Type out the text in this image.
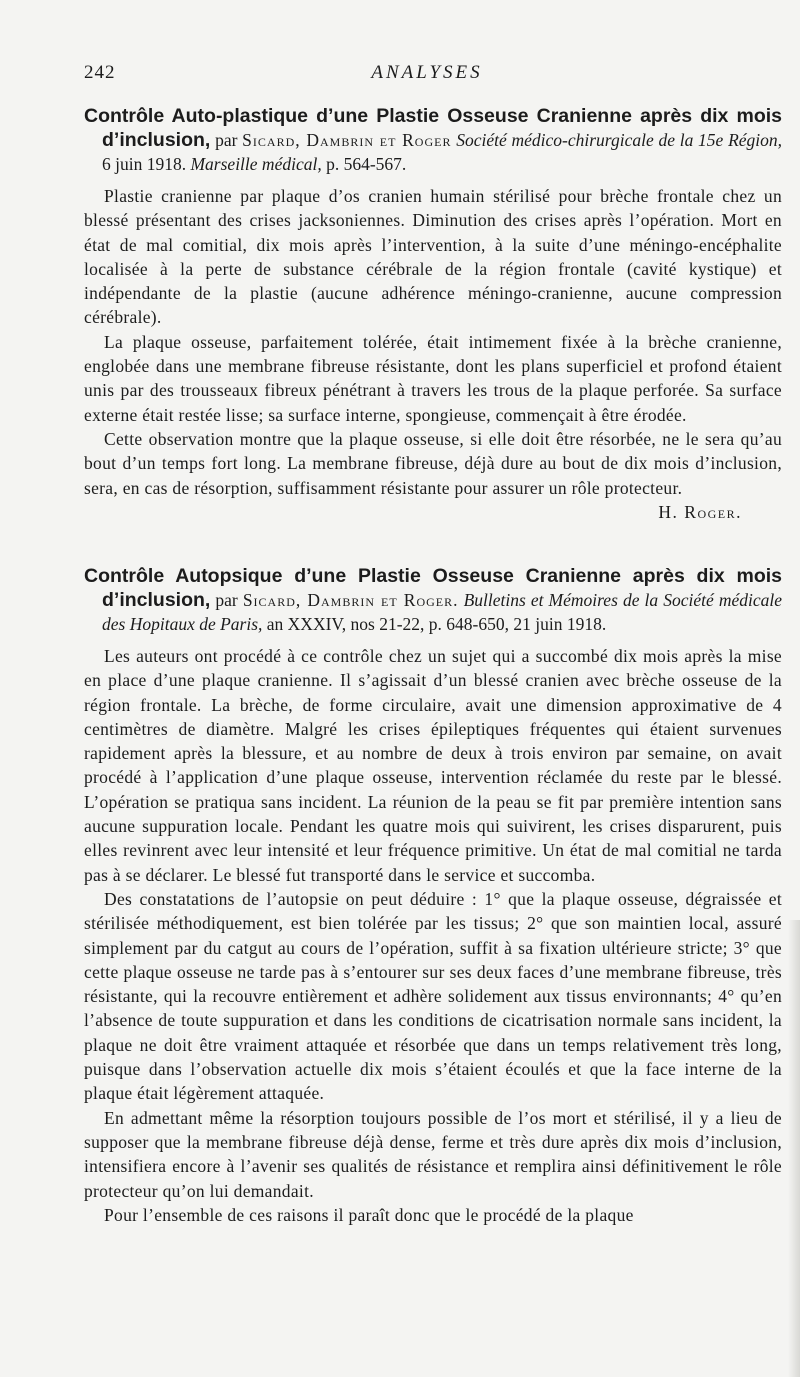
242	ANALYSES

Contrôle Auto-plastique d’une Plastie Osseuse Cranienne après dix mois d’inclusion, par Sicard, Dambrin et Roger Société médico-chirurgicale de la 15e Région, 6 juin 1918. Marseille médical, p. 564-567.

Plastie cranienne par plaque d’os cranien humain stérilisé pour brèche frontale chez un blessé présentant des crises jacksoniennes. Diminution des crises après l’opération. Mort en état de mal comitial, dix mois après l’intervention, à la suite d’une méningo-encéphalite localisée à la perte de substance cérébrale de la région frontale (cavité kystique) et indépendante de la plastie (aucune adhérence méningo-cranienne, aucune compression cérébrale).

La plaque osseuse, parfaitement tolérée, était intimement fixée à la brèche cranienne, englobée dans une membrane fibreuse résistante, dont les plans superficiel et profond étaient unis par des trousseaux fibreux pénétrant à travers les trous de la plaque perforée. Sa surface externe était restée lisse; sa surface interne, spongieuse, commençait à être érodée.

Cette observation montre que la plaque osseuse, si elle doit être résorbée, ne le sera qu’au bout d’un temps fort long. La membrane fibreuse, déjà dure au bout de dix mois d’inclusion, sera, en cas de résorption, suffisamment résistante pour assurer un rôle protecteur.
H. Roger.

Contrôle Autopsique d’une Plastie Osseuse Cranienne après dix mois d’inclusion, par Sicard, Dambrin et Roger. Bulletins et Mémoires de la Société médicale des Hopitaux de Paris, an XXXIV, nos 21-22, p. 648-650, 21 juin 1918.

Les auteurs ont procédé à ce contrôle chez un sujet qui a succombé dix mois après la mise en place d’une plaque cranienne. Il s’agissait d’un blessé cranien avec brèche osseuse de la région frontale. La brèche, de forme circulaire, avait une dimension approximative de 4 centimètres de diamètre. Malgré les crises épileptiques fréquentes qui étaient survenues rapidement après la blessure, et au nombre de deux à trois environ par semaine, on avait procédé à l’application d’une plaque osseuse, intervention réclamée du reste par le blessé. L’opération se pratiqua sans incident. La réunion de la peau se fit par première intention sans aucune suppuration locale. Pendant les quatre mois qui suivirent, les crises disparurent, puis elles revinrent avec leur intensité et leur fréquence primitive. Un état de mal comitial ne tarda pas à se déclarer. Le blessé fut transporté dans le service et succomba.

Des constatations de l’autopsie on peut déduire : 1° que la plaque osseuse, dégraissée et stérilisée méthodiquement, est bien tolérée par les tissus; 2° que son maintien local, assuré simplement par du catgut au cours de l’opération, suffit à sa fixation ultérieure stricte; 3° que cette plaque osseuse ne tarde pas à s’entourer sur ses deux faces d’une membrane fibreuse, très résistante, qui la recouvre entièrement et adhère solidement aux tissus environnants; 4° qu’en l’absence de toute suppuration et dans les conditions de cicatrisation normale sans incident, la plaque ne doit être vraiment attaquée et résorbée que dans un temps relativement très long, puisque dans l’observation actuelle dix mois s’étaient écoulés et que la face interne de la plaque était légèrement attaquée.

En admettant même la résorption toujours possible de l’os mort et stérilisé, il y a lieu de supposer que la membrane fibreuse déjà dense, ferme et très dure après dix mois d’inclusion, intensifiera encore à l’avenir ses qualités de résistance et remplira ainsi définitivement le rôle protecteur qu’on lui demandait.

Pour l’ensemble de ces raisons il paraît donc que le procédé de la plaque
